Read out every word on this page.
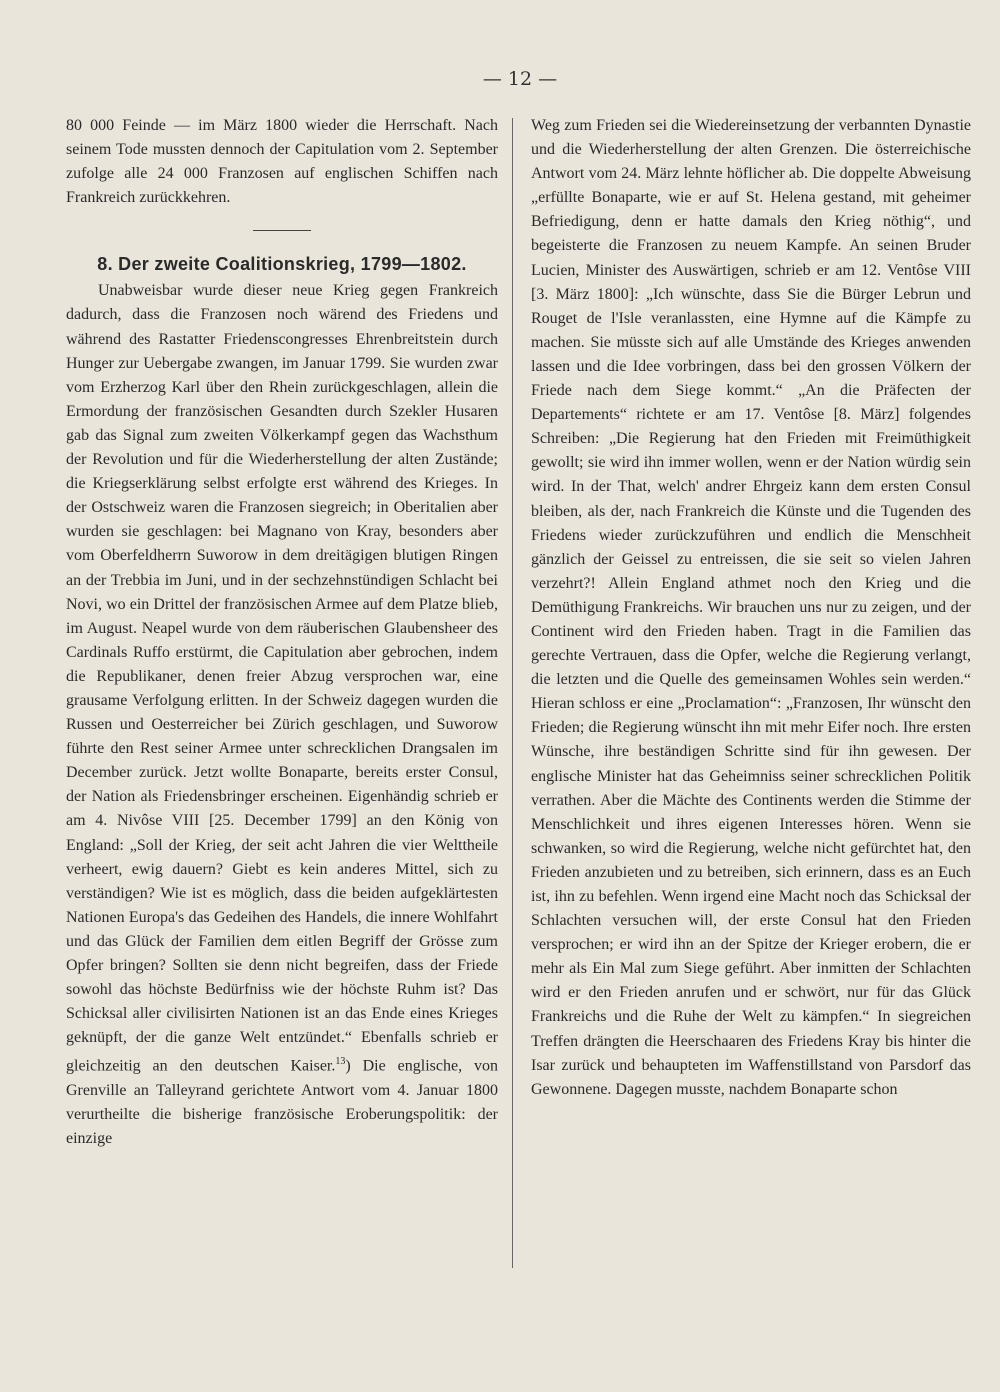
— 12 —

80 000 Feinde — im März 1800 wieder die Herrschaft. Nach seinem Tode mussten dennoch der Capitulation vom 2. September zufolge alle 24 000 Franzosen auf englischen Schiffen nach Frankreich zurückkehren.

8. Der zweite Coalitionskrieg, 1799—1802.

Unabweisbar wurde dieser neue Krieg gegen Frankreich dadurch, dass die Franzosen noch wärend des Friedens und während des Rastatter Friedenscongresses Ehrenbreitstein durch Hunger zur Uebergabe zwangen, im Januar 1799. Sie wurden zwar vom Erzherzog Karl über den Rhein zurückgeschlagen, allein die Ermordung der französischen Gesandten durch Szekler Husaren gab das Signal zum zweiten Völkerkampf gegen das Wachsthum der Revolution und für die Wiederherstellung der alten Zustände; die Kriegserklärung selbst erfolgte erst während des Krieges. In der Ostschweiz waren die Franzosen siegreich; in Oberitalien aber wurden sie geschlagen: bei Magnano von Kray, besonders aber vom Oberfeldherrn Suworow in dem dreitägigen blutigen Ringen an der Trebbia im Juni, und in der sechzehnstündigen Schlacht bei Novi, wo ein Drittel der französischen Armee auf dem Platze blieb, im August. Neapel wurde von dem räuberischen Glaubensheer des Cardinals Ruffo erstürmt, die Capitulation aber gebrochen, indem die Republikaner, denen freier Abzug versprochen war, eine grausame Verfolgung erlitten. In der Schweiz dagegen wurden die Russen und Oesterreicher bei Zürich geschlagen, und Suworow führte den Rest seiner Armee unter schrecklichen Drangsalen im December zurück. Jetzt wollte Bonaparte, bereits erster Consul, der Nation als Friedensbringer erscheinen. Eigenhändig schrieb er am 4. Nivôse VIII [25. December 1799] an den König von England: „Soll der Krieg, der seit acht Jahren die vier Welttheile verheert, ewig dauern? Giebt es kein anderes Mittel, sich zu verständigen? Wie ist es möglich, dass die beiden aufgeklärtesten Nationen Europa's das Gedeihen des Handels, die innere Wohlfahrt und das Glück der Familien dem eitlen Begriff der Grösse zum Opfer bringen? Sollten sie denn nicht begreifen, dass der Friede sowohl das höchste Bedürfniss wie der höchste Ruhm ist? Das Schicksal aller civilisirten Nationen ist an das Ende eines Krieges geknüpft, der die ganze Welt entzündet.“ Ebenfalls schrieb er gleichzeitig an den deutschen Kaiser.$^{13}$) Die englische, von Grenville an Talleyrand gerichtete Antwort vom 4. Januar 1800 verurtheilte die bisherige französische Eroberungspolitik: der einzige

Weg zum Frieden sei die Wiedereinsetzung der verbannten Dynastie und die Wiederherstellung der alten Grenzen. Die österreichische Antwort vom 24. März lehnte höflicher ab. Die doppelte Abweisung „erfüllte Bonaparte, wie er auf St. Helena gestand, mit geheimer Befriedigung, denn er hatte damals den Krieg nöthig“, und begeisterte die Franzosen zu neuem Kampfe. An seinen Bruder Lucien, Minister des Auswärtigen, schrieb er am 12. Ventôse VIII [3. März 1800]: „Ich wünschte, dass Sie die Bürger Lebrun und Rouget de l'Isle veranlassten, eine Hymne auf die Kämpfe zu machen. Sie müsste sich auf alle Umstände des Krieges anwenden lassen und die Idee vorbringen, dass bei den grossen Völkern der Friede nach dem Siege kommt.“ „An die Präfecten der Departements“ richtete er am 17. Ventôse [8. März] folgendes Schreiben: „Die Regierung hat den Frieden mit Freimüthigkeit gewollt; sie wird ihn immer wollen, wenn er der Nation würdig sein wird. In der That, welch' andrer Ehrgeiz kann dem ersten Consul bleiben, als der, nach Frankreich die Künste und die Tugenden des Friedens wieder zurückzuführen und endlich die Menschheit gänzlich der Geissel zu entreissen, die sie seit so vielen Jahren verzehrt?! Allein England athmet noch den Krieg und die Demüthigung Frankreichs. Wir brauchen uns nur zu zeigen, und der Continent wird den Frieden haben. Tragt in die Familien das gerechte Vertrauen, dass die Opfer, welche die Regierung verlangt, die letzten und die Quelle des gemeinsamen Wohles sein werden.“ Hieran schloss er eine „Proclamation“: „Franzosen, Ihr wünscht den Frieden; die Regierung wünscht ihn mit mehr Eifer noch. Ihre ersten Wünsche, ihre beständigen Schritte sind für ihn gewesen. Der englische Minister hat das Geheimniss seiner schrecklichen Politik verrathen. Aber die Mächte des Continents werden die Stimme der Menschlichkeit und ihres eigenen Interesses hören. Wenn sie schwanken, so wird die Regierung, welche nicht gefürchtet hat, den Frieden anzubieten und zu betreiben, sich erinnern, dass es an Euch ist, ihn zu befehlen. Wenn irgend eine Macht noch das Schicksal der Schlachten versuchen will, der erste Consul hat den Frieden versprochen; er wird ihn an der Spitze der Krieger erobern, die er mehr als Ein Mal zum Siege geführt. Aber inmitten der Schlachten wird er den Frieden anrufen und er schwört, nur für das Glück Frankreichs und die Ruhe der Welt zu kämpfen.“ In siegreichen Treffen drängten die Heerschaaren des Friedens Kray bis hinter die Isar zurück und behaupteten im Waffenstillstand von Parsdorf das Gewonnene. Dagegen musste, nachdem Bonaparte schon
